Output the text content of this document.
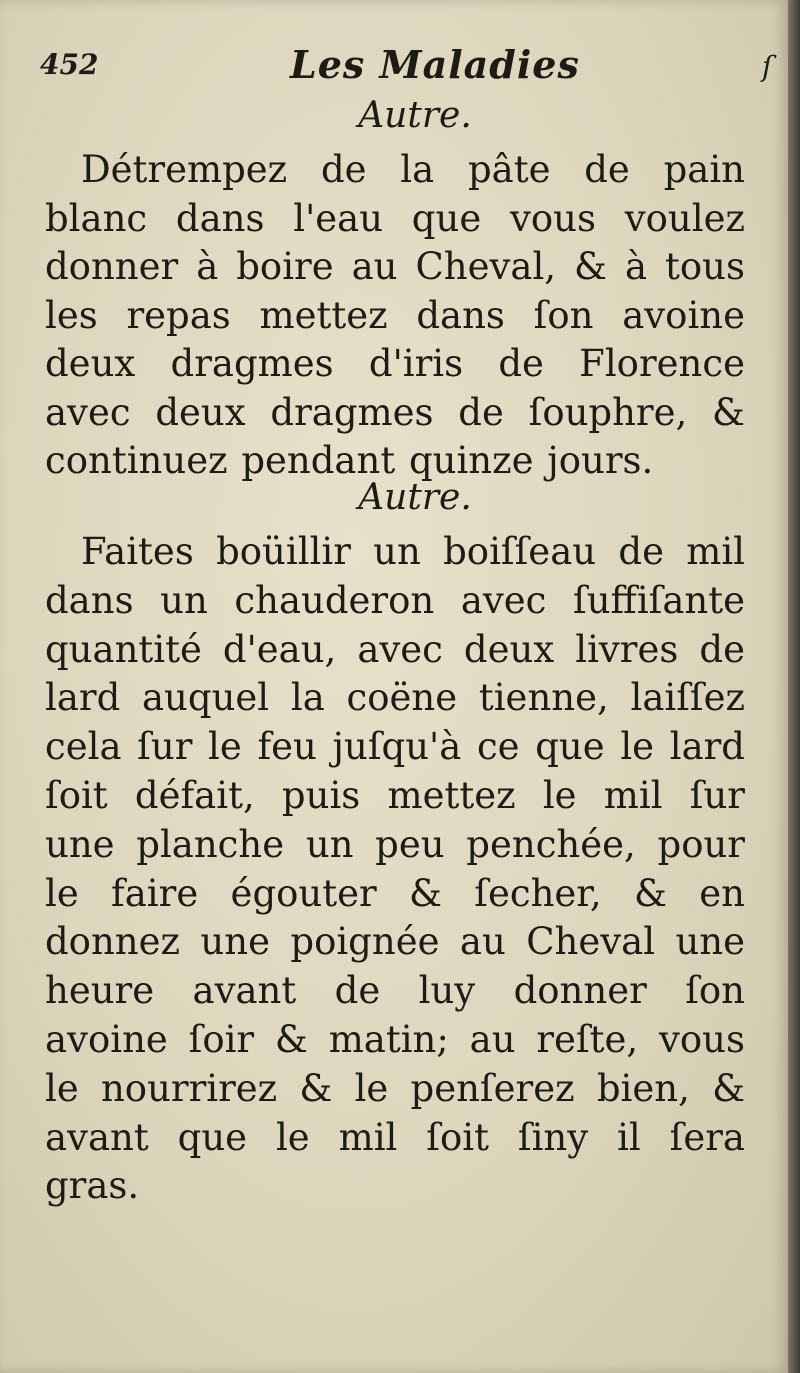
452	Les Maladies	ſ

Autre.

Détrempez de la pâte de pain blanc dans l'eau que vous voulez donner à boire au Cheval, & à tous les repas mettez dans ſon avoine deux dragmes d'iris de Florence avec deux dragmes de ſouphre, & continuez pendant quinze jours.

Autre.

Faites boüillir un boiſſeau de mil dans un chauderon avec ſuffiſante quantité d'eau, avec deux livres de lard auquel la coëne tienne, laiſſez cela ſur le feu juſqu'à ce que le lard ſoit défait, puis mettez le mil ſur une planche un peu penchée, pour le faire égouter & ſecher, & en donnez une poignée au Cheval une heure avant de luy donner ſon avoine ſoir & matin; au reſte, vous le nourrirez & le penſerez bien, & avant que le mil ſoit ſiny il ſera gras.
